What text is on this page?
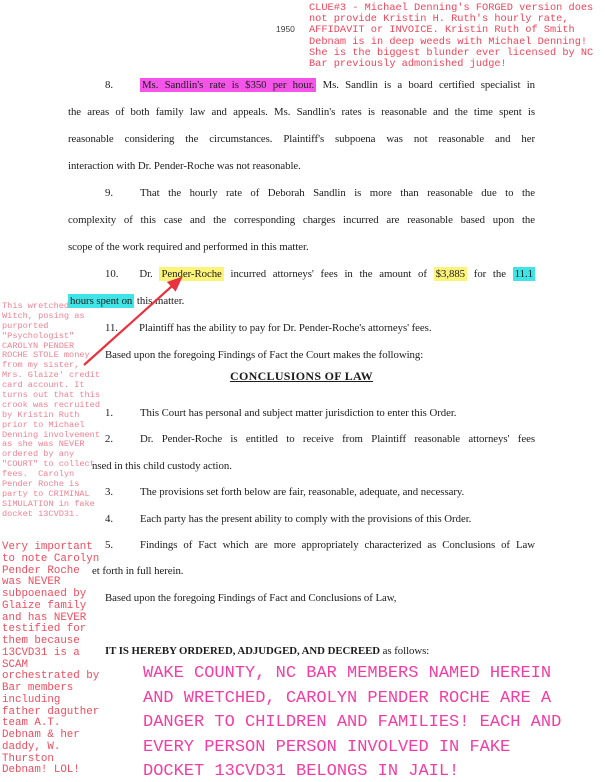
CLUE#3 - Michael Denning's FORGED version does
not provide Kristin H. Ruth's hourly rate,
AFFIDAVIT or INVOICE. Kristin Ruth of Smith
Debnam is in deep weeds with Michael Denning!
She is the biggest blunder ever licensed by NC
Bar previously admonished judge!
1950
8.	Ms. Sandlin's rate is $350 per hour. Ms. Sandlin is a board certified specialist in
the areas of both family law and appeals. Ms. Sandlin's rates is reasonable and the time spent is
reasonable considering the circumstances. Plaintiff's subpoena was not reasonable and her
interaction with Dr. Pender-Roche was not reasonable.
9.	That the hourly rate of Deborah Sandlin is more than reasonable due to the
complexity of this case and the corresponding charges incurred are reasonable based upon the
scope of the work required and performed in this matter.
10. Dr. Pender-Roche incurred attorneys' fees in the amount of $3,885 for the 11.1
hours spent on this matter.
11. Plaintiff has the ability to pay for Dr. Pender-Roche's attorneys' fees.
Based upon the foregoing Findings of Fact the Court makes the following:
CONCLUSIONS OF LAW
1.	This Court has personal and subject matter jurisdiction to enter this Order.
2.	Dr. Pender-Roche is entitled to receive from Plaintiff reasonable attorneys' fees
nsed in this child custody action.
3.	The provisions set forth below are fair, reasonable, adequate, and necessary.
4.	Each party has the present ability to comply with the provisions of this Order.
5.	Findings of Fact which are more appropriately characterized as Conclusions of Law
et forth in full herein.
Based upon the foregoing Findings of Fact and Conclusions of Law,
IT IS HEREBY ORDERED, ADJUDGED, AND DECREED as follows:
This wretched
Witch, posing as
purported
"Psychologist"
CAROLYN PENDER
ROCHE STOLE money
from my sister,
Mrs. Glaize' credit
card account. It
turns out that this
crook was recruited
by Kristin Ruth
prior to Michael
Denning involvement
as she was NEVER
ordered by any
"COURT" to collect
fees.  Carolyn
Pender Roche is
party to CRIMINAL
SIMULATION in fake
docket 13CVD31.
Very important
to note Carolyn
Pender Roche
was NEVER
subpoenaed by
Glaize family
and has NEVER
testified for
them because
13CVD31 is a
SCAM
orchestrated by
Bar members
including
father daguther
team A.T.
Debnam & her
daddy, W.
Thurston
Debnam! LOL!
WAKE COUNTY, NC BAR MEMBERS NAMED HEREIN
AND WRETCHED, CAROLYN PENDER ROCHE ARE A
DANGER TO CHILDREN AND FAMILIES! EACH AND
EVERY PERSON PERSON INVOLVED IN FAKE
DOCKET 13CVD31 BELONGS IN JAIL!
